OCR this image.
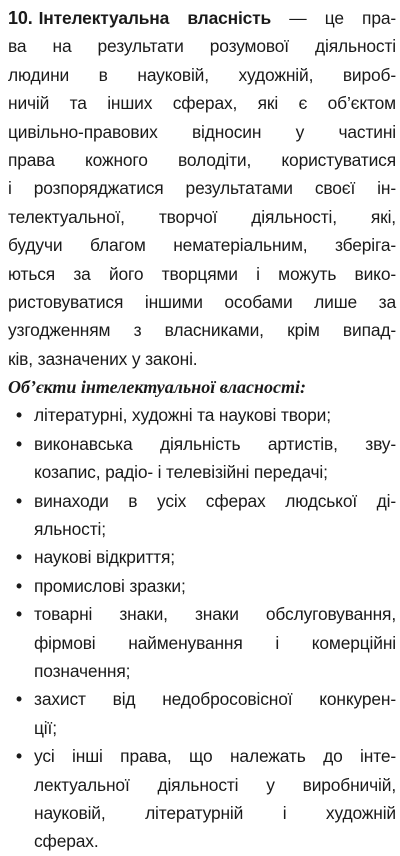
10. Інтелектуальна власність — це пра-
ва на результати розумової діяльності
людини в науковій, художній, вироб-
ничій та інших сферах, які є об’єктом
цивільно-правових відносин у частині
права кожного володіти, користуватися
і розпоряджатися результатами своєї ін-
телектуальної, творчої діяльності, які,
будучи благом нематеріальним, зберіга-
ються за його творцями і можуть вико-
ристовуватися іншими особами лише за
узгодженням з власниками, крім випад-
ків, зазначених у законі.
Об’єкти інтелектуальної власності:
• літературні, художні та наукові твори;
• виконавська діяльність артистів, зву-
козапис, радіо- і телевізійні передачі;
• винаходи в усіх сферах людської ді-
яльності;
• наукові відкриття;
• промислові зразки;
• товарні знаки, знаки обслуговування,
фірмові найменування і комерційні
позначення;
• захист від недобросовісної конкурен-
ції;
• усі інші права, що належать до інте-
лектуальної діяльності у виробничій,
науковій, літературній і художній
сферах.
